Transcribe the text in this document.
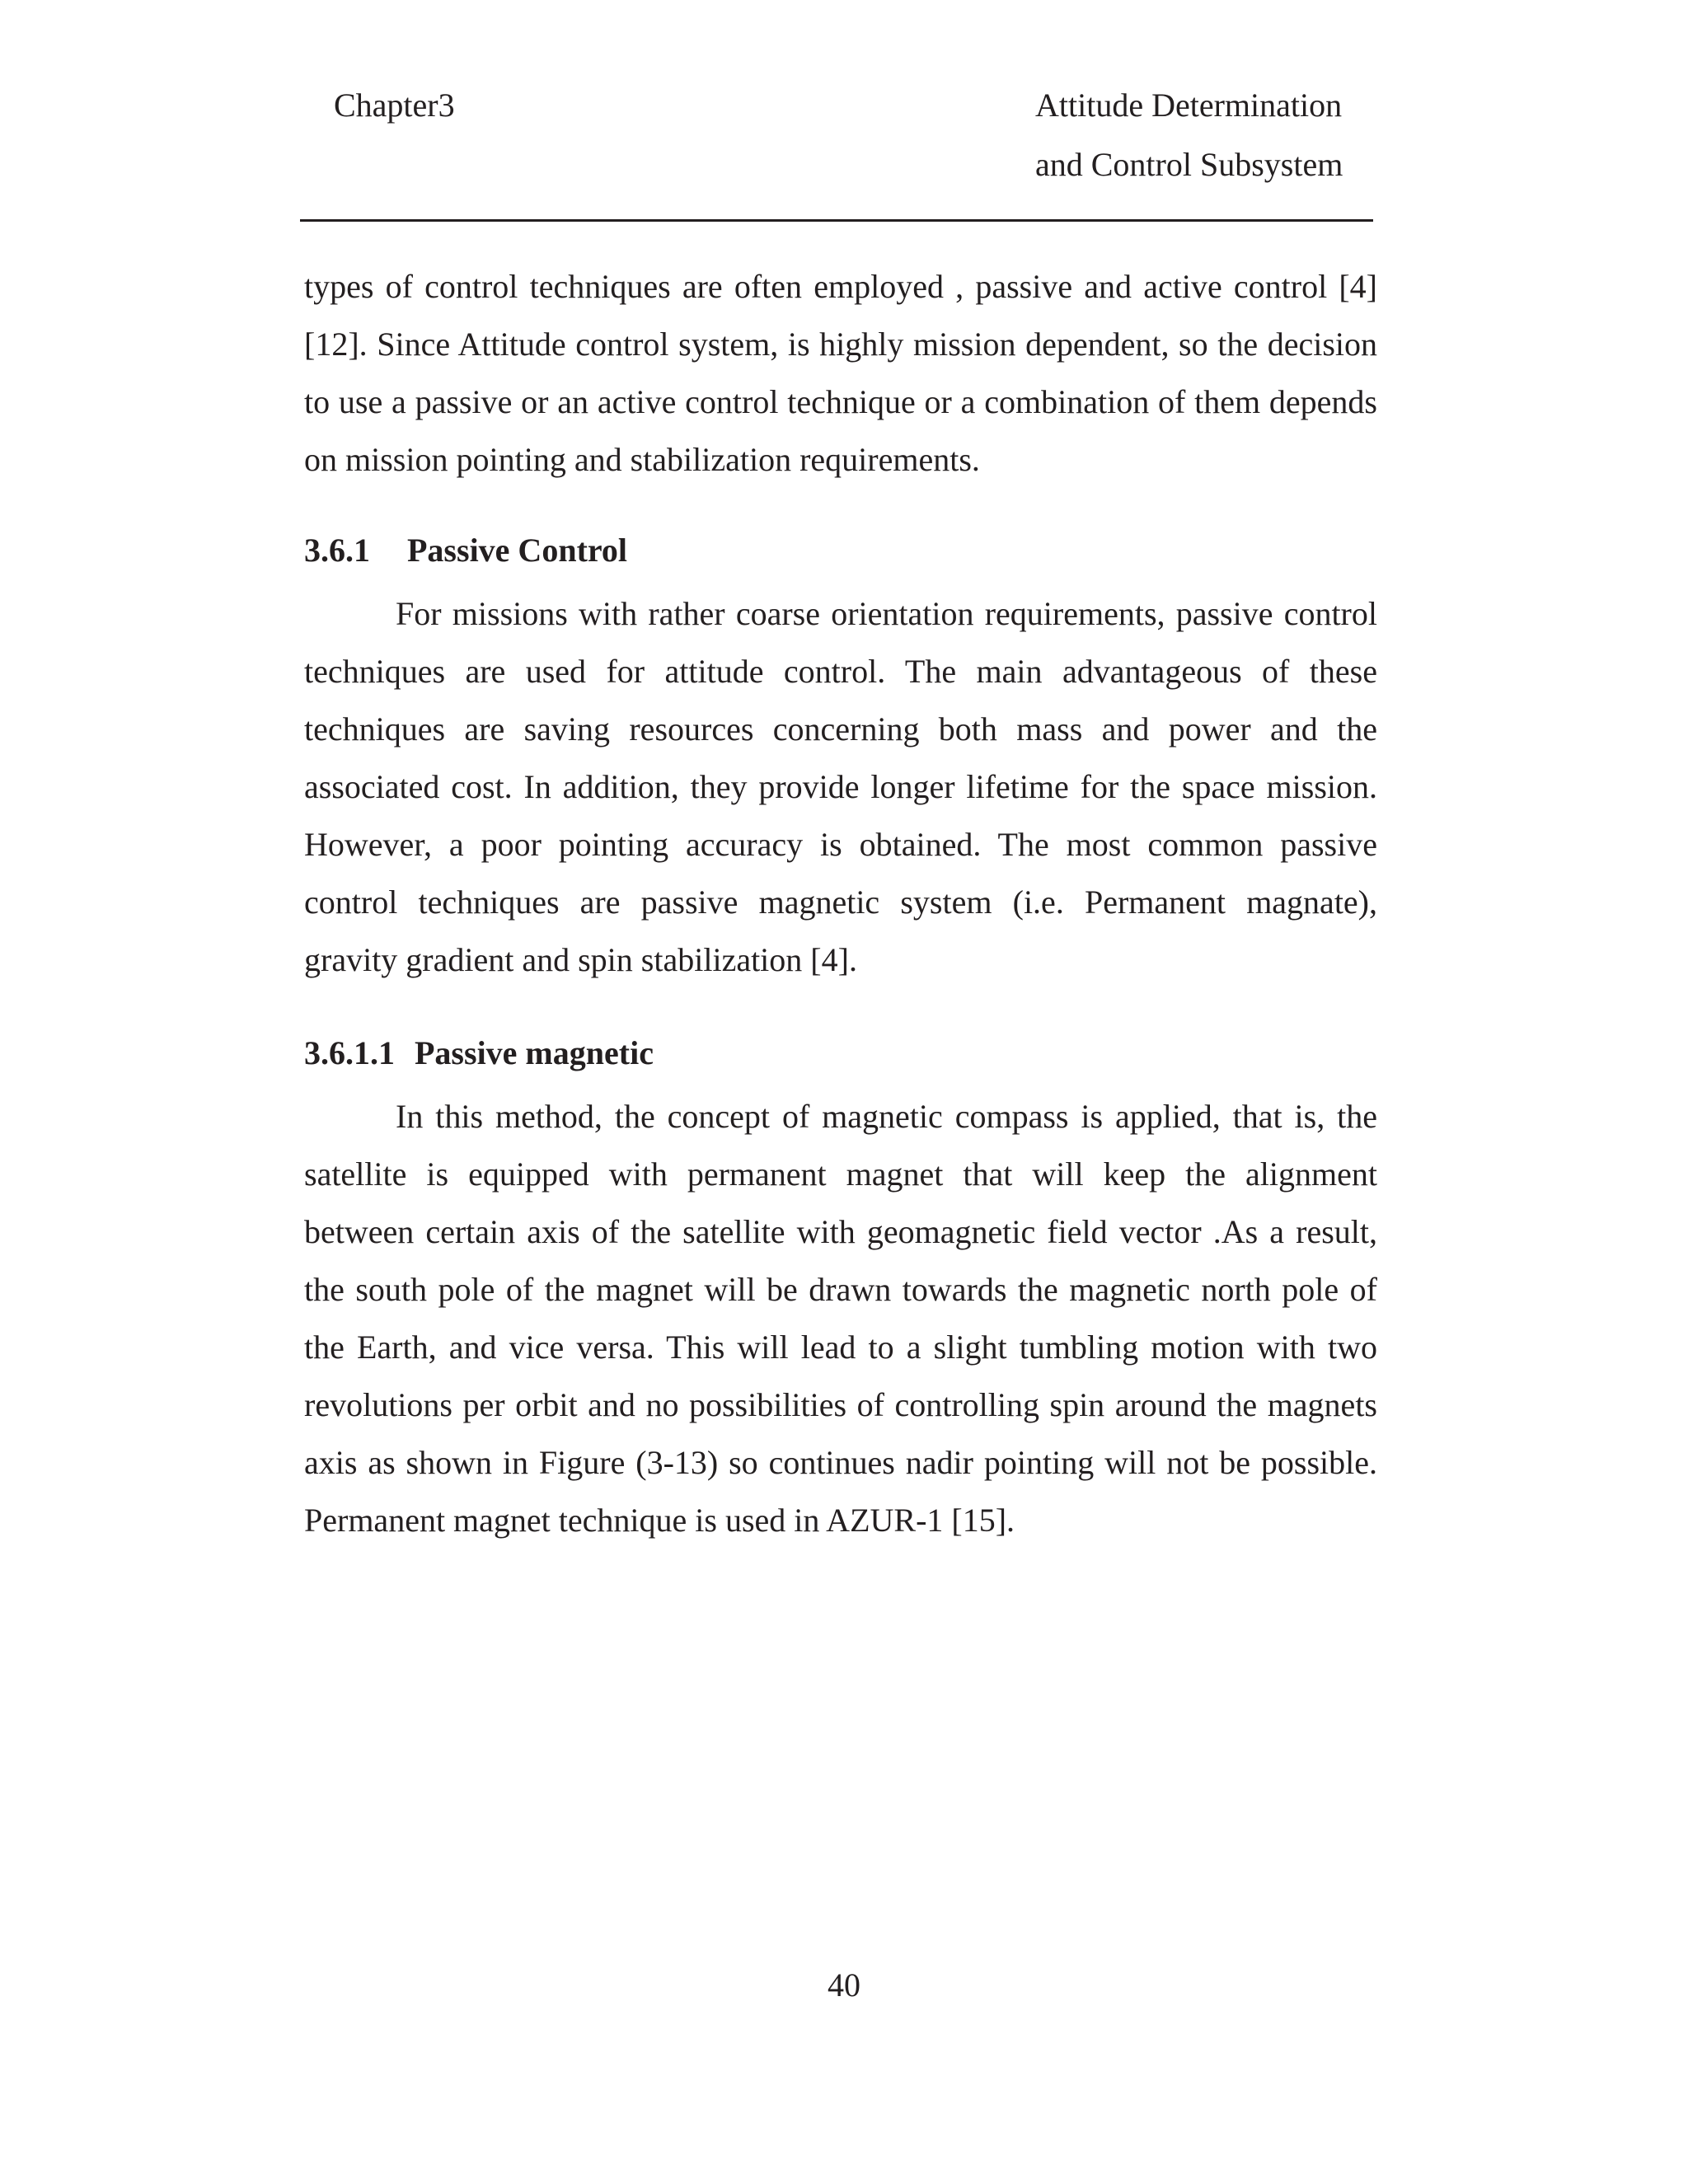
Chapter3	Attitude Determination
and Control Subsystem

types of control techniques are often employed , passive and active control [4][12]. Since Attitude control system, is highly mission dependent, so the decision to use a passive or an active control technique or a combination of them depends on mission pointing and stabilization requirements.

3.6.1 Passive Control

For missions with rather coarse orientation requirements, passive control techniques are used for attitude control. The main advantageous of these techniques are saving resources concerning both mass and power and the associated cost. In addition, they provide longer lifetime for the space mission. However, a poor pointing accuracy is obtained. The most common passive control techniques are passive magnetic system (i.e. Permanent magnate), gravity gradient and spin stabilization [4].

3.6.1.1 Passive magnetic

In this method, the concept of magnetic compass is applied, that is, the satellite is equipped with permanent magnet that will keep the alignment between certain axis of the satellite with geomagnetic field vector .As a result, the south pole of the magnet will be drawn towards the magnetic north pole of the Earth, and vice versa. This will lead to a slight tumbling motion with two revolutions per orbit and no possibilities of controlling spin around the magnets axis as shown in Figure (3-13) so continues nadir pointing will not be possible. Permanent magnet technique is used in AZUR-1 [15].

40
